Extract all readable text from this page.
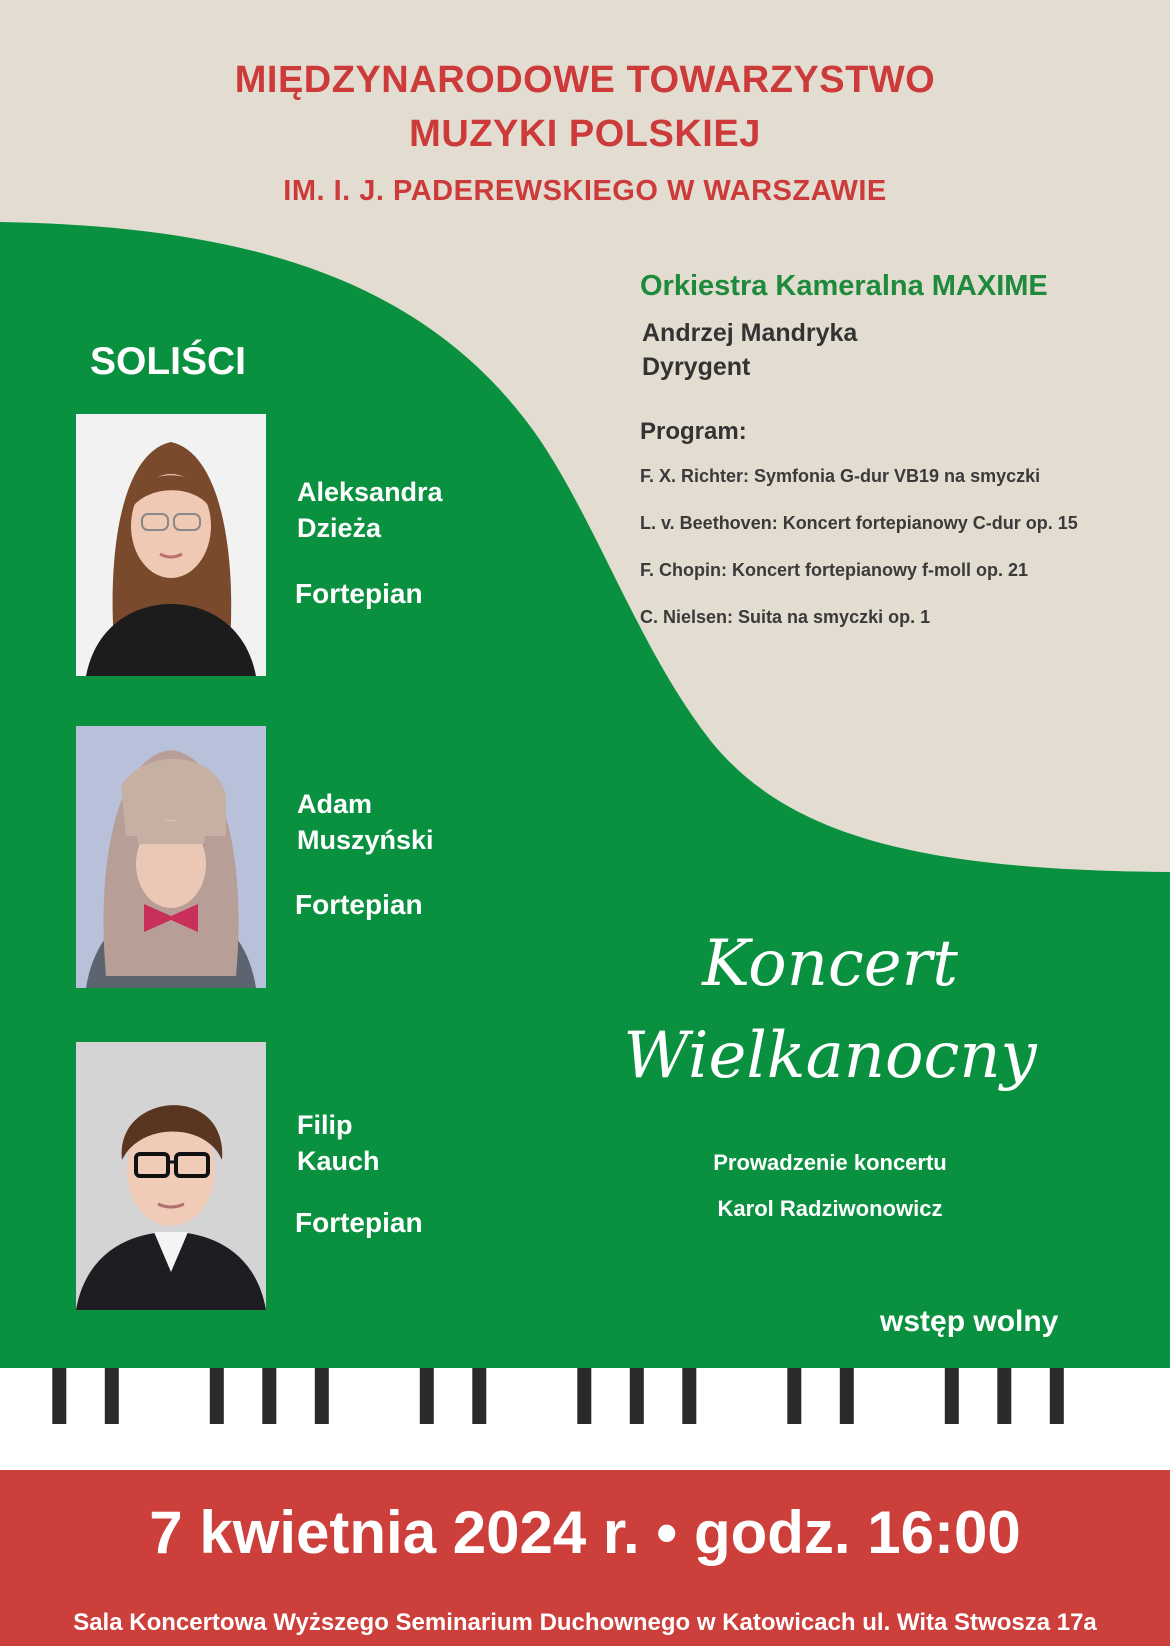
MIĘDZYNARODOWE TOWARZYSTWO
MUZYKI POLSKIEJ
IM. I. J. PADEREWSKIEGO W WARSZAWIE
Orkiestra Kameralna MAXIME
Andrzej Mandryka
Dyrygent
Program:
F. X. Richter: Symfonia G-dur VB19 na smyczki
L. v. Beethoven: Koncert fortepianowy C-dur op. 15
F. Chopin: Koncert fortepianowy f-moll op. 21
C. Nielsen: Suita na smyczki op. 1
SOLIŚCI
Aleksandra
Dzieża
Fortepian
Adam
Muszyński
Fortepian
Filip
Kauch
Fortepian
Koncert
Wielkanocny
Prowadzenie koncertu
Karol Radziwonowicz
wstęp wolny
7 kwietnia 2024 r. • godz. 16:00
Sala Koncertowa Wyższego Seminarium Duchownego w Katowicach ul. Wita Stwosza 17a
